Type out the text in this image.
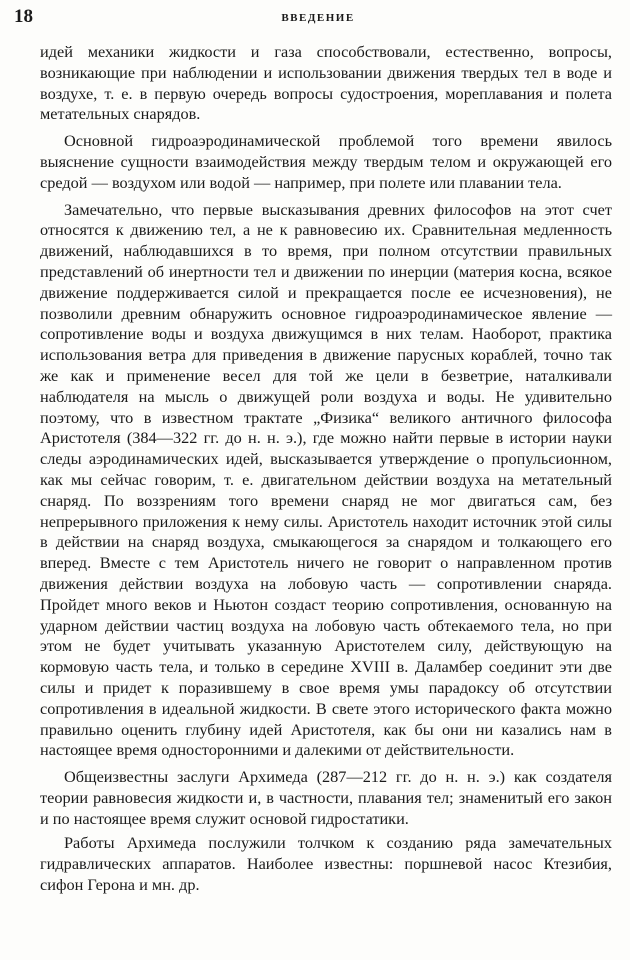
18	ВВЕДЕНИЕ

идей механики жидкости и газа способствовали, естественно, вопросы, возникающие при наблюдении и использовании движения твердых тел в воде и воздухе, т. е. в первую очередь вопросы судостроения, мореплавания и полета метательных снарядов.

Основной гидроаэродинамической проблемой того времени явилось выяснение сущности взаимодействия между твердым телом и окружающей его средой — воздухом или водой — например, при полете или плавании тела.

Замечательно, что первые высказывания древних философов на этот счет относятся к движению тел, а не к равновесию их. Сравнительная медленность движений, наблюдавшихся в то время, при полном отсутствии правильных представлений об инертности тел и движении по инерции (материя косна, всякое движение поддерживается силой и прекращается после ее исчезновения), не позволили древним обнаружить основное гидроаэродинамическое явление — сопротивление воды и воздуха движущимся в них телам. Наоборот, практика использования ветра для приведения в движение парусных кораблей, точно так же как и применение весел для той же цели в безветрие, наталкивали наблюдателя на мысль о движущей роли воздуха и воды. Не удивительно поэтому, что в известном трактате „Физика“ великого античного философа Аристотеля (384—322 гг. до н. н. э.), где можно найти первые в истории науки следы аэродинамических идей, высказывается утверждение о пропульсионном, как мы сейчас говорим, т. е. двигательном действии воздуха на метательный снаряд. По воззрениям того времени снаряд не мог двигаться сам, без непрерывного приложения к нему силы. Аристотель находит источник этой силы в действии на снаряд воздуха, смыкающегося за снарядом и толкающего его вперед. Вместе с тем Аристотель ничего не говорит о направленном против движения действии воздуха на лобовую часть — сопротивлении снаряда. Пройдет много веков и Ньютон создаст теорию сопротивления, основанную на ударном действии частиц воздуха на лобовую часть обтекаемого тела, но при этом не будет учитывать указанную Аристотелем силу, действующую на кормовую часть тела, и только в середине XVIII в. Даламбер соединит эти две силы и придет к поразившему в свое время умы парадоксу об отсутствии сопротивления в идеальной жидкости. В свете этого исторического факта можно правильно оценить глубину идей Аристотеля, как бы они ни казались нам в настоящее время односторонними и далекими от действительности.

Общеизвестны заслуги Архимеда (287—212 гг. до н. н. э.) как создателя теории равновесия жидкости и, в частности, плавания тел; знаменитый его закон и по настоящее время служит основой гидростатики.

Работы Архимеда послужили толчком к созданию ряда замечательных гидравлических аппаратов. Наиболее известны: поршневой насос Ктезибия, сифон Герона и мн. др.
